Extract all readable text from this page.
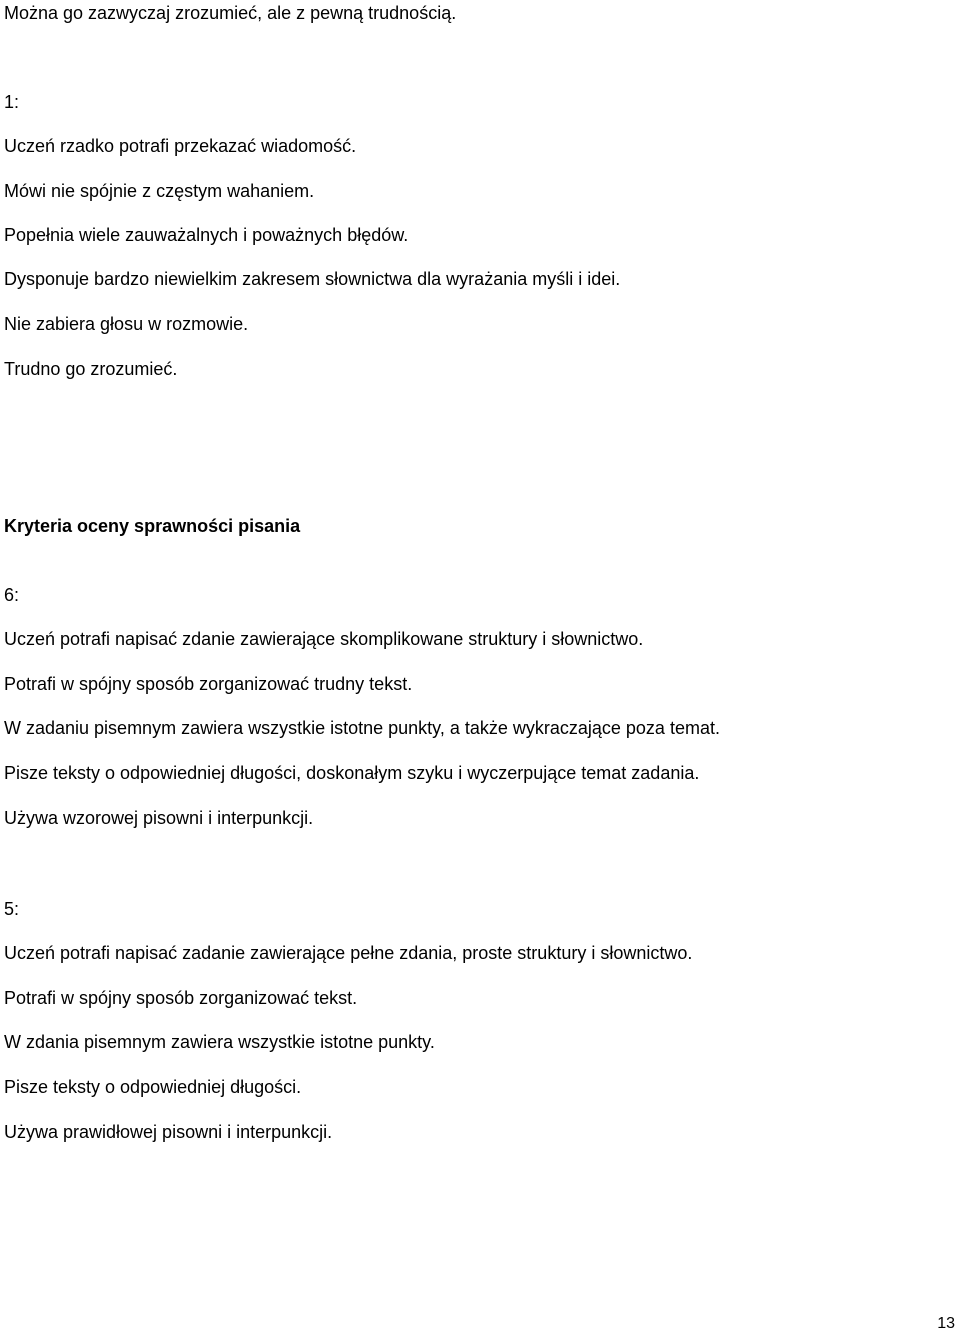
Można go zazwyczaj zrozumieć, ale z pewną trudnością.

1:

Uczeń rzadko potrafi przekazać wiadomość.

Mówi nie spójnie z częstym wahaniem.

Popełnia wiele zauważalnych i poważnych błędów.

Dysponuje bardzo niewielkim zakresem słownictwa dla wyrażania myśli i idei.

Nie zabiera głosu w rozmowie.

Trudno go zrozumieć.

Kryteria oceny sprawności pisania

6:

Uczeń potrafi napisać zdanie zawierające skomplikowane struktury i słownictwo.

Potrafi w spójny sposób zorganizować trudny tekst.

W zadaniu pisemnym zawiera wszystkie istotne punkty, a także wykraczające poza temat.

Pisze teksty o odpowiedniej długości, doskonałym szyku i wyczerpujące temat zadania.

Używa wzorowej pisowni i interpunkcji.

5:

Uczeń potrafi napisać zadanie zawierające pełne zdania, proste struktury i słownictwo.

Potrafi w spójny sposób zorganizować tekst.

W zdania pisemnym zawiera wszystkie istotne punkty.

Pisze teksty o odpowiedniej długości.

Używa prawidłowej pisowni i interpunkcji.

13
